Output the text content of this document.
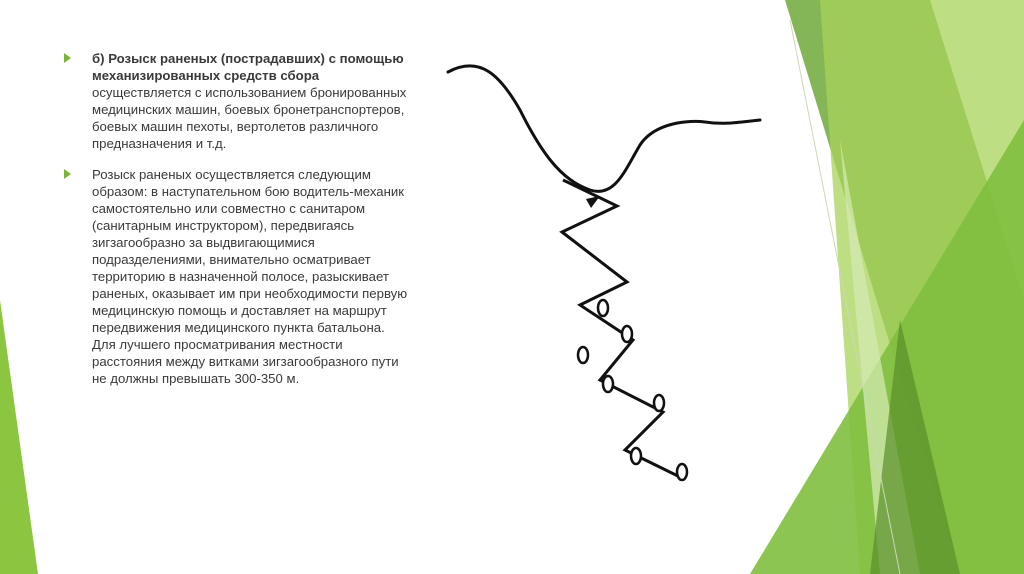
б) Розыск раненых (пострадавших) с помощью механизированных средств сбора осуществляется с использованием бронированных медицинских машин, боевых бронетранспортеров, боевых машин пехоты, вертолетов различного предназначения и т.д.
Розыск раненых осуществляется следующим образом: в наступательном бою водитель-механик самостоятельно или совместно с санитаром (санитарным инструктором), передвигаясь зигзагообразно за выдвигающимися подразделениями, внимательно осматривает территорию в назначенной полосе, разыскивает раненых, оказывает им при необходимости первую медицинскую помощь и доставляет на маршрут передвижения медицинского пункта батальона. Для лучшего просматривания местности расстояния между витками зигзагообразного пути не должны превышать 300-350 м.
